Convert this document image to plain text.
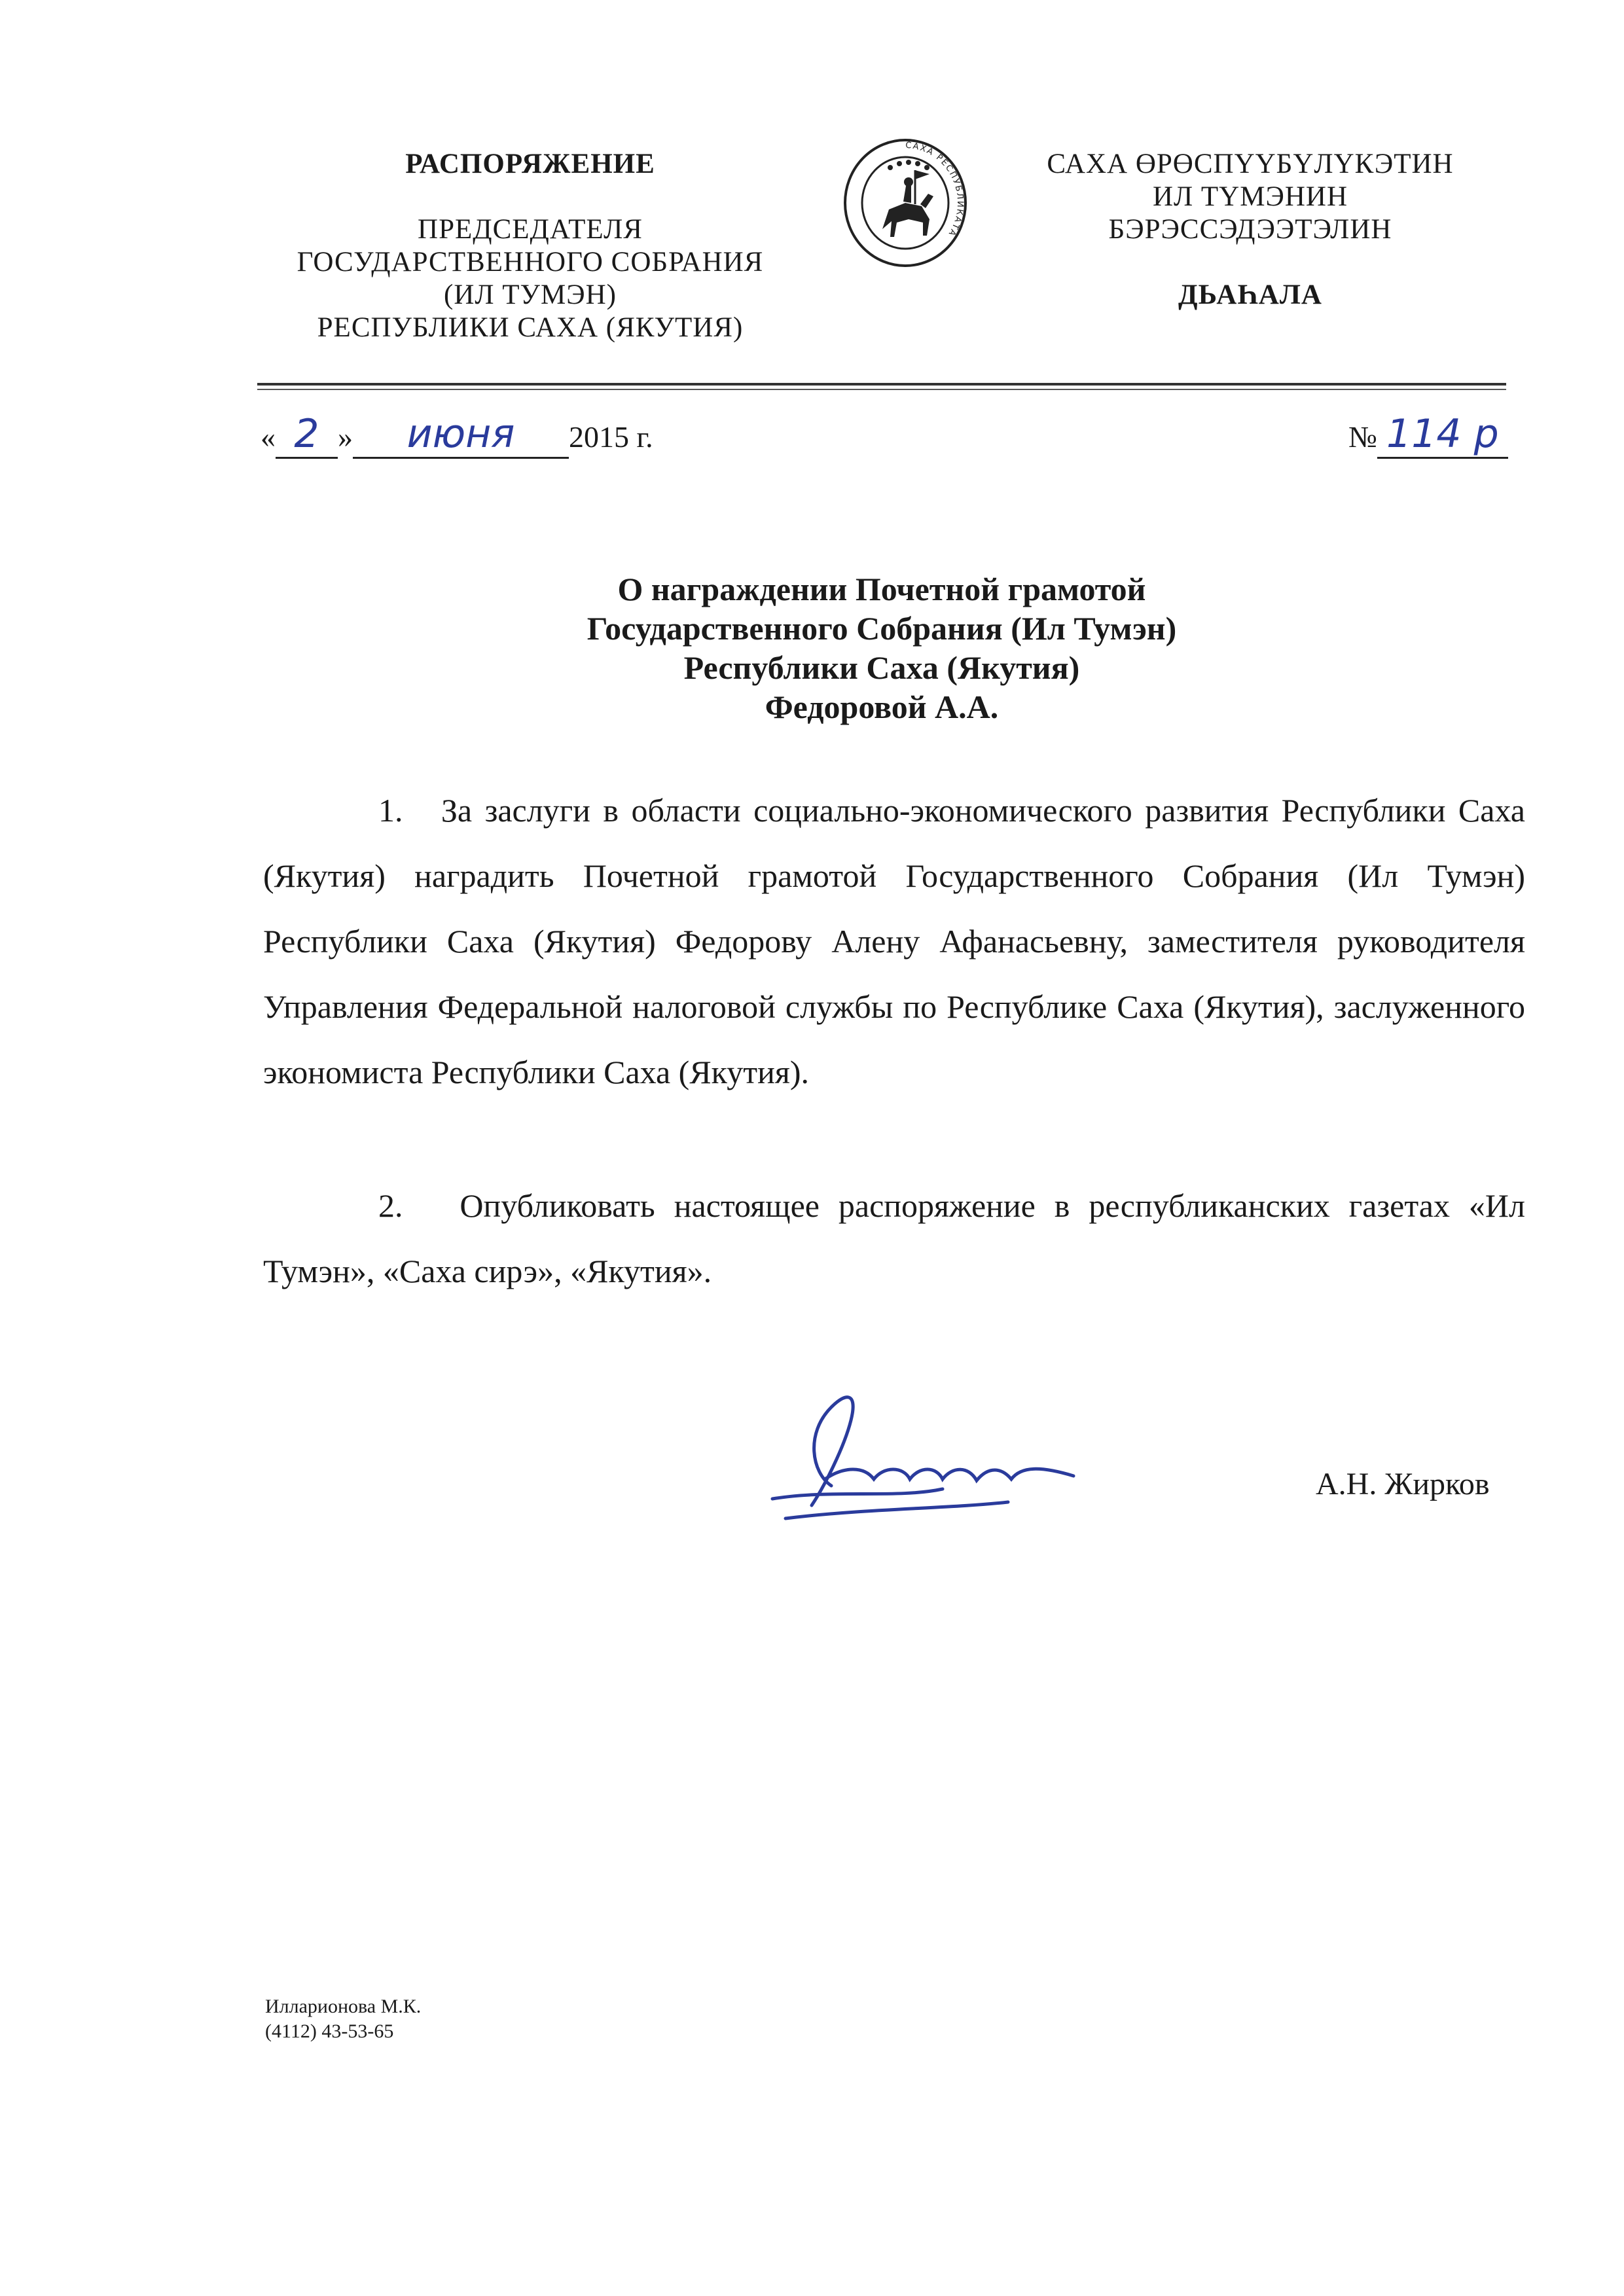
РАСПОРЯЖЕНИЕ
ПРЕДСЕДАТЕЛЯ
ГОСУДАРСТВЕННОГО СОБРАНИЯ
(ИЛ ТУМЭН)
РЕСПУБЛИКИ САХА (ЯКУТИЯ)
САХА РЕСПУБЛИКАТА
САХА ӨРӨСПҮҮБҮЛҮКЭТИН
ИЛ ТҮМЭНИН
БЭРЭССЭДЭЭТЭЛИН
ДЬАҺАЛА
« 2 » июня 2015 г.	№ 114 р
О награждении Почетной грамотой
Государственного Собрания (Ил Тумэн)
Республики Саха (Якутия)
Федоровой А.А.

1.   За заслуги в области социально-экономического развития Республики Саха (Якутия) наградить Почетной грамотой Государственного Собрания (Ил Тумэн) Республики Саха (Якутия) Федорову Алену Афанасьевну, заместителя руководителя Управления Федеральной налоговой службы по Республике Саха (Якутия), заслуженного экономиста Республики Саха (Якутия).

2.   Опубликовать настоящее распоряжение в республиканских газетах «Ил Тумэн», «Саха сирэ», «Якутия».

А.Н. Жирков
Илларионова М.К.
(4112) 43-53-65
